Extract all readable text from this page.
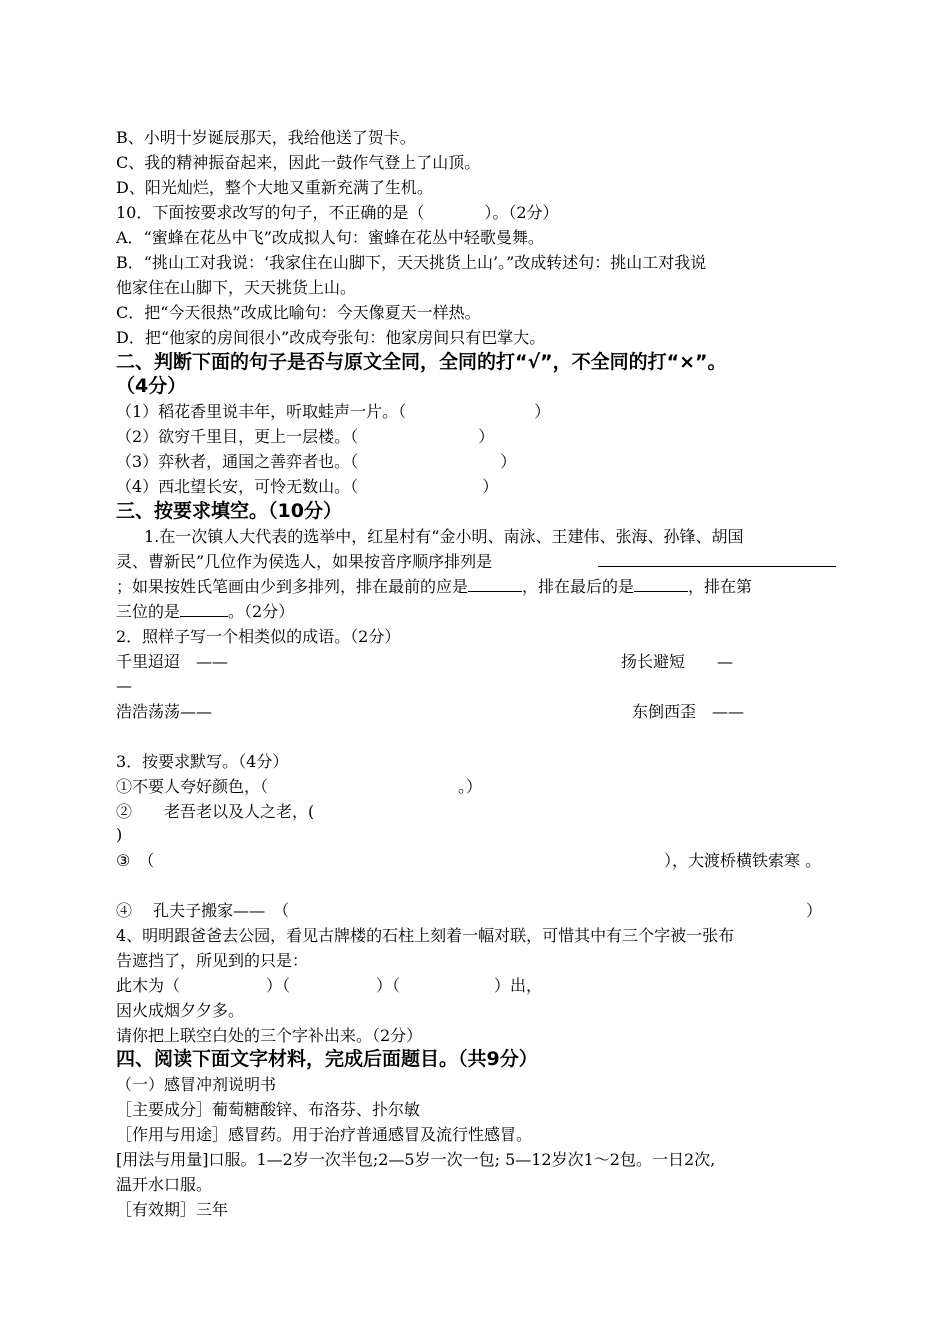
B、小明十岁诞辰那天，我给他送了贺卡。
C、我的精神振奋起来，因此一鼓作气登上了山顶。
D、阳光灿烂，整个大地又重新充满了生机。
10．下面按要求改写的句子，不正确的是（	）。（2分）
A．“蜜蜂在花丛中飞”改成拟人句：蜜蜂在花丛中轻歌曼舞。
B．“挑山工对我说：‘我家住在山脚下，天天挑货上山’。”改成转述句：挑山工对我说
他家住在山脚下，天天挑货上山。
C．把“今天很热”改成比喻句：今天像夏天一样热。
D．把“他家的房间很小”改成夸张句：他家房间只有巴掌大。
二、判断下面的句子是否与原文全同，全同的打“√”，不全同的打“×”。
（4分）
（1）稻花香里说丰年，听取蛙声一片。（	）
（2）欲穷千里目，更上一层楼。（	）
（3）弈秋者，通国之善弈者也。（	）
（4）西北望长安，可怜无数山。（	）
三、按要求填空。（10分）
1.在一次镇人大代表的选举中，红星村有“金小明、南泳、王建伟、张海、孙锋、胡国
灵、曹新民”几位作为侯选人，如果按音序顺序排列是
；如果按姓氏笔画由少到多排列，排在最前的应是	，排在最后的是	，排在第
三位的是	。（2分）
2．照样子写一个相类似的成语。（2分）
千里迢迢　——	扬长避短　　—
—
浩浩荡荡——	东倒西歪　——
3．按要求默写。（4分）
①不要人夸好颜色，（	。）
②　　老吾老以及人之老，(
)
③　（	），大渡桥横铁索寒 。
④　 孔夫子搬家——　（	）
4、明明跟爸爸去公园，看见古牌楼的石柱上刻着一幅对联，可惜其中有三个字被一张布
告遮挡了，所见到的只是：
此木为（	）（	）（	）出，
因火成烟夕夕多。
请你把上联空白处的三个字补出来。（2分）
四、阅读下面文字材料，完成后面题目。（共9分）
（一）感冒冲剂说明书
［主要成分］葡萄糖酸锌、布洛芬、扑尔敏
［作用与用途］感冒药。用于治疗普通感冒及流行性感冒。
[用法与用量]口服。1—2岁一次半包;2—5岁一次一包; 5—12岁次1～2包。一日2次,
温开水口服。
［有效期］三年
